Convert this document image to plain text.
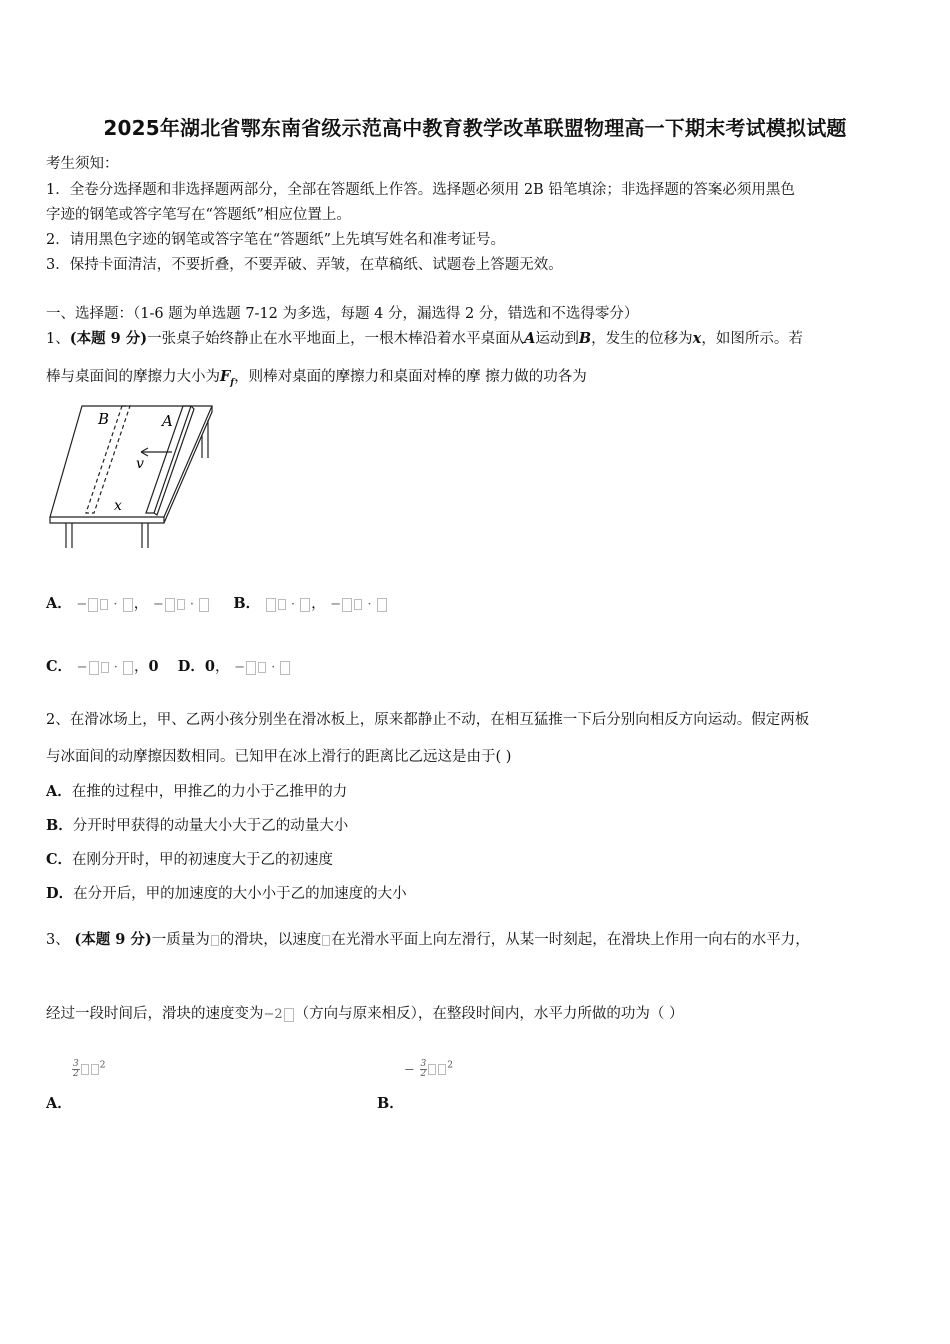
2025年湖北省鄂东南省级示范高中教育教学改革联盟物理高一下期末考试模拟试题
考生须知：
1．全卷分选择题和非选择题两部分，全部在答题纸上作答。选择题必须用 2B 铅笔填涂；非选择题的答案必须用黑色
字迹的钢笔或答字笔写在“答题纸”相应位置上。
2．请用黑色字迹的钢笔或答字笔在“答题纸”上先填写姓名和准考证号。
3．保持卡面清洁，不要折叠，不要弄破、弄皱，在草稿纸、试题卷上答题无效。
一、选择题：（1-6 题为单选题 7-12 为多选，每题 4 分，漏选得 2 分，错选和不选得零分）
1、(本题 9 分)一张桌子始终静止在水平地面上，一根木棒沿着水平桌面从A运动到B，发生的位移为x，如图所示。若
棒与桌面间的摩擦力大小为$F_f$，则棒对桌面的摩擦力和桌面对棒的摩 擦力做的功各为
B	A
v
x
A． − · ， − ·	B． · ， − ·
C． − · ，0 D．0， − ·
2、在滑冰场上，甲、乙两小孩分别坐在滑冰板上，原来都静止不动，在相互猛推一下后分别向相反方向运动。假定两板
与冰面间的动摩擦因数相同。已知甲在冰上滑行的距离比乙远这是由于( )
A．在推的过程中，甲推乙的力小于乙推甲的力
B．分开时甲获得的动量大小大于乙的动量大小
C．在刚分开时，甲的初速度大于乙的初速度
D．在分开后，甲的加速度的大小小于乙的加速度的大小
3、 (本题 9 分)一质量为 的滑块，以速度 在光滑水平面上向左滑行，从某一时刻起，在滑块上作用一向右的水平力，
经过一段时间后，滑块的速度变为−2 （方向与原来相反），在整段时间内，水平力所做的功为（ ）
$\frac{3}{2} ^2$
A．
− $\frac{3}{2} ^2$
B．
